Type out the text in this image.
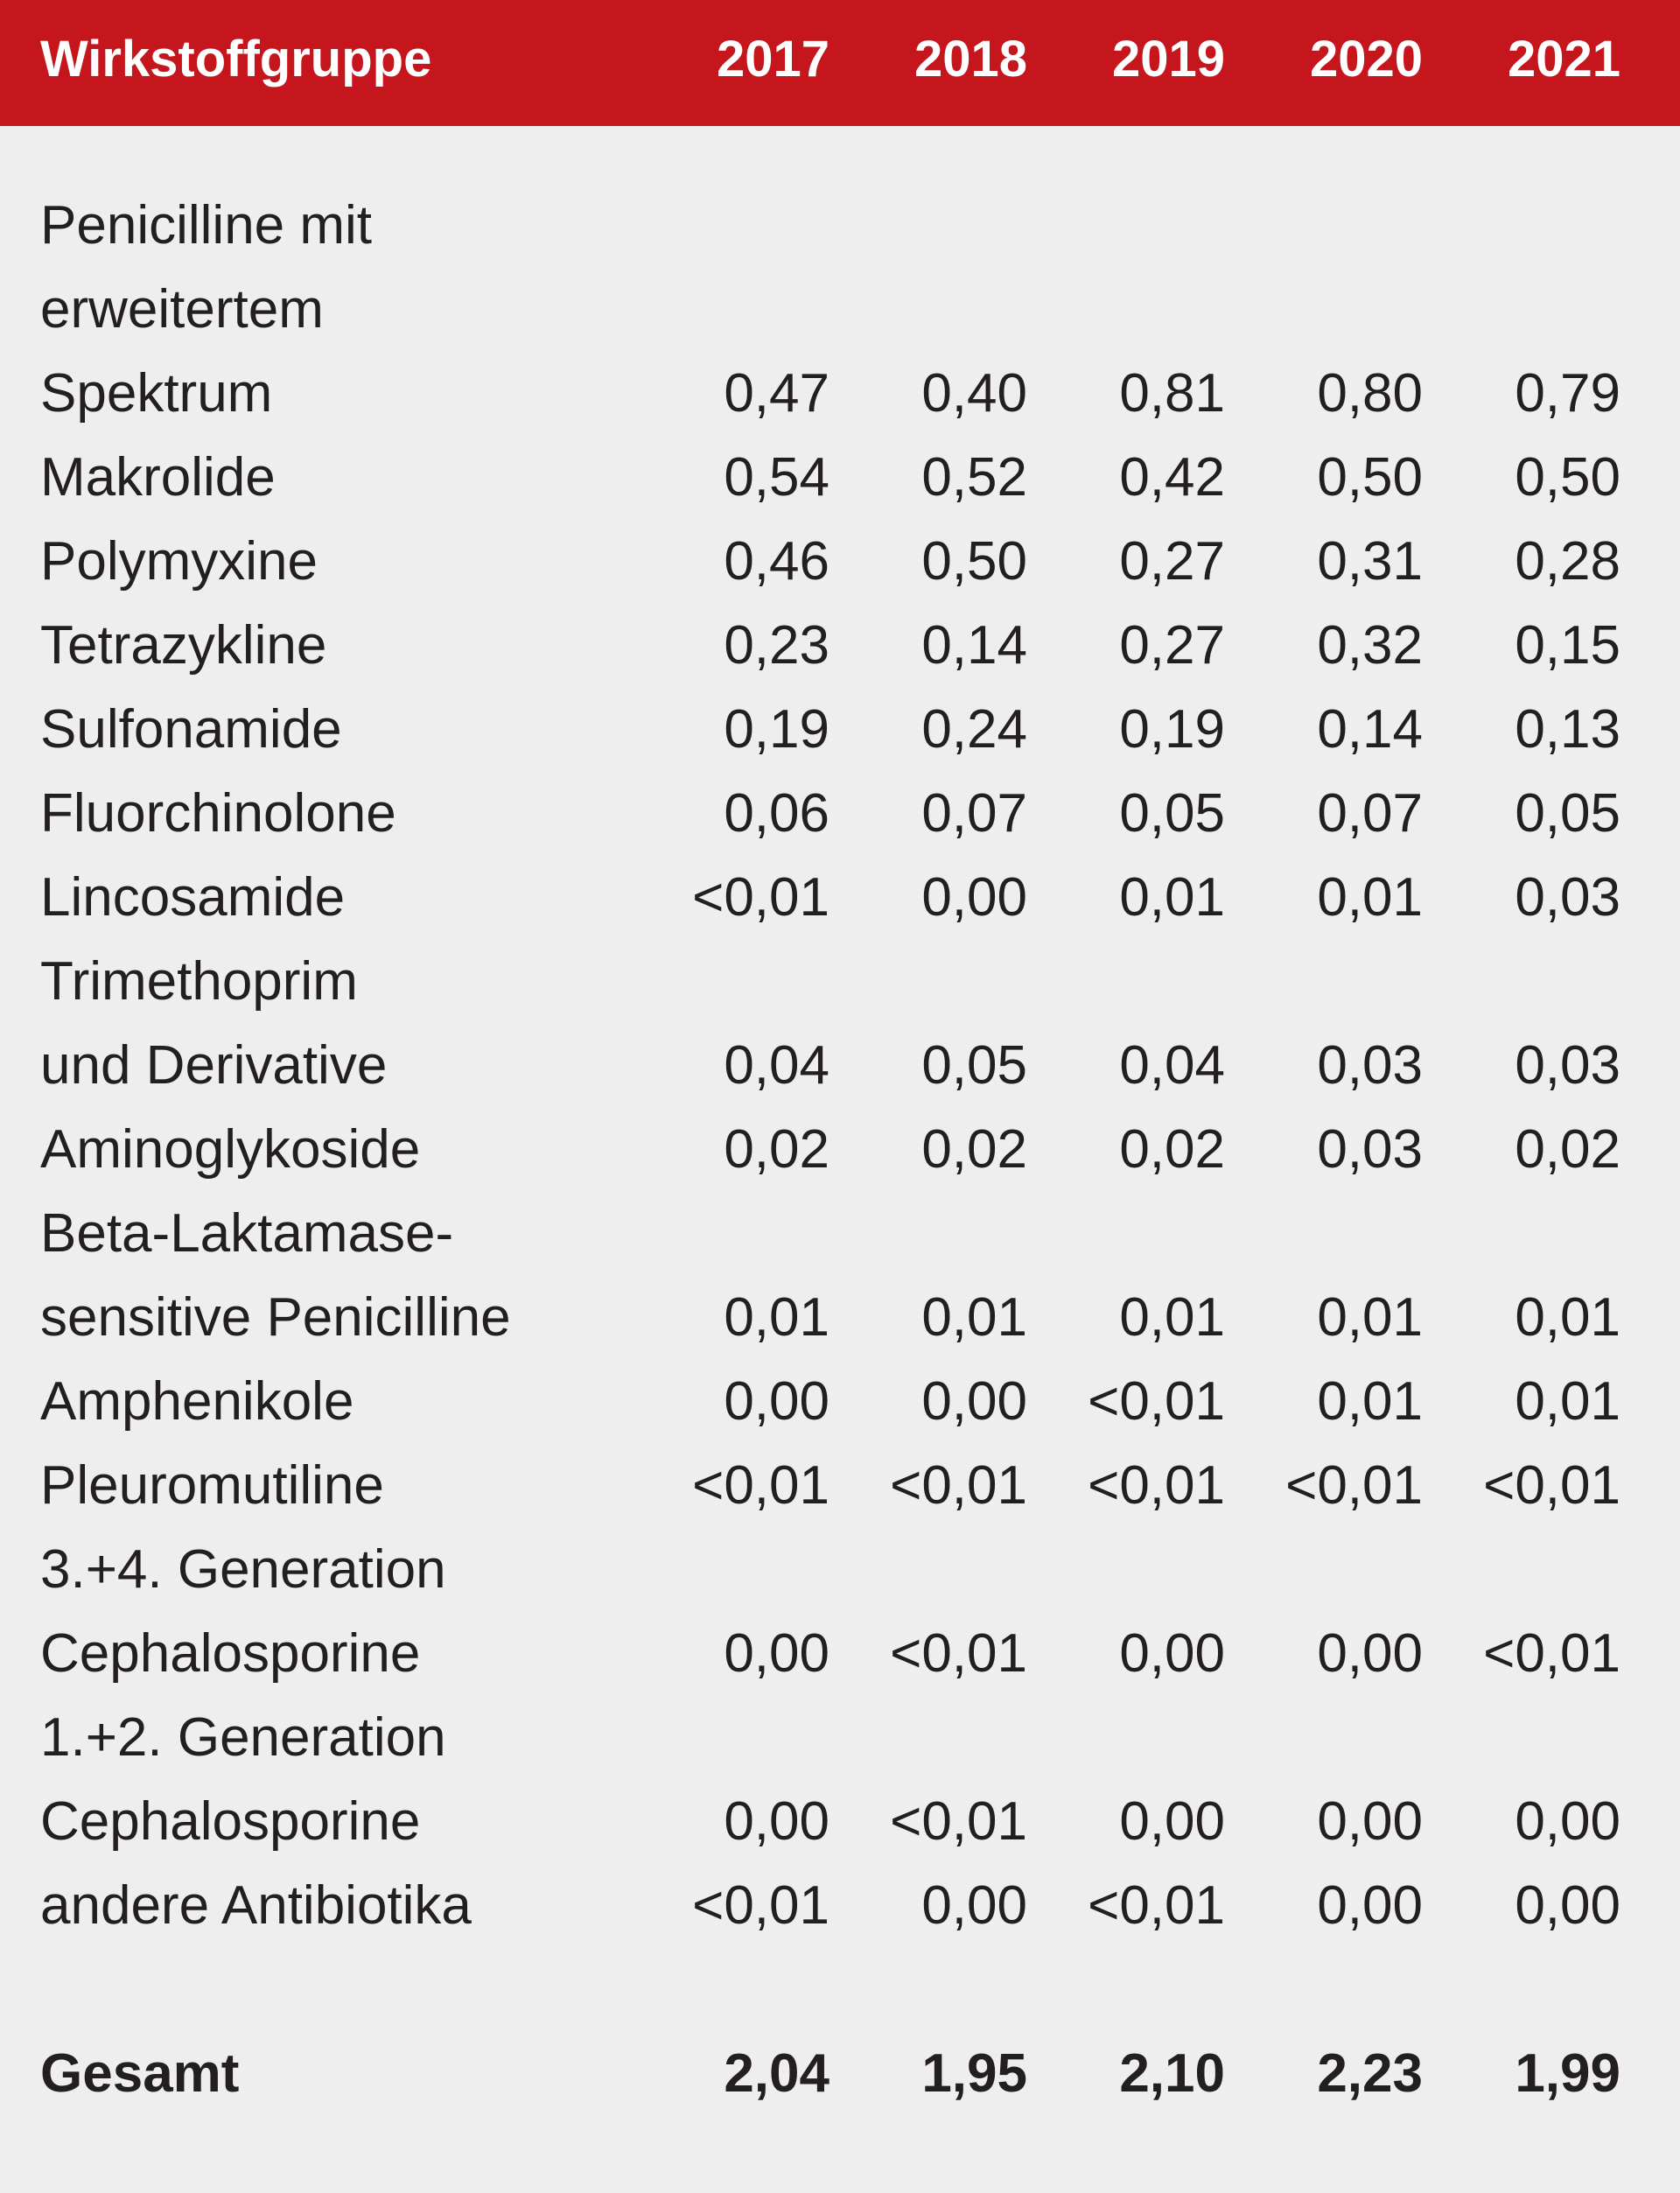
Wirkstoffgruppe	2017	2018	2019	2020	2021
Penicilline mit
erweitertem
Spektrum	0,47	0,40	0,81	0,80	0,79
Makrolide	0,54	0,52	0,42	0,50	0,50
Polymyxine	0,46	0,50	0,27	0,31	0,28
Tetrazykline	0,23	0,14	0,27	0,32	0,15
Sulfonamide	0,19	0,24	0,19	0,14	0,13
Fluorchinolone	0,06	0,07	0,05	0,07	0,05
Lincosamide	<0,01	0,00	0,01	0,01	0,03
Trimethoprim
und Derivative	0,04	0,05	0,04	0,03	0,03
Aminoglykoside	0,02	0,02	0,02	0,03	0,02
Beta-Laktamase-
sensitive Penicilline	0,01	0,01	0,01	0,01	0,01
Amphenikole	0,00	0,00	<0,01	0,01	0,01
Pleuromutiline	<0,01	<0,01	<0,01	<0,01	<0,01
3.+4. Generation
Cephalosporine	0,00	<0,01	0,00	0,00	<0,01
1.+2. Generation
Cephalosporine	0,00	<0,01	0,00	0,00	0,00
andere Antibiotika	<0,01	0,00	<0,01	0,00	0,00
Gesamt	2,04	1,95	2,10	2,23	1,99
